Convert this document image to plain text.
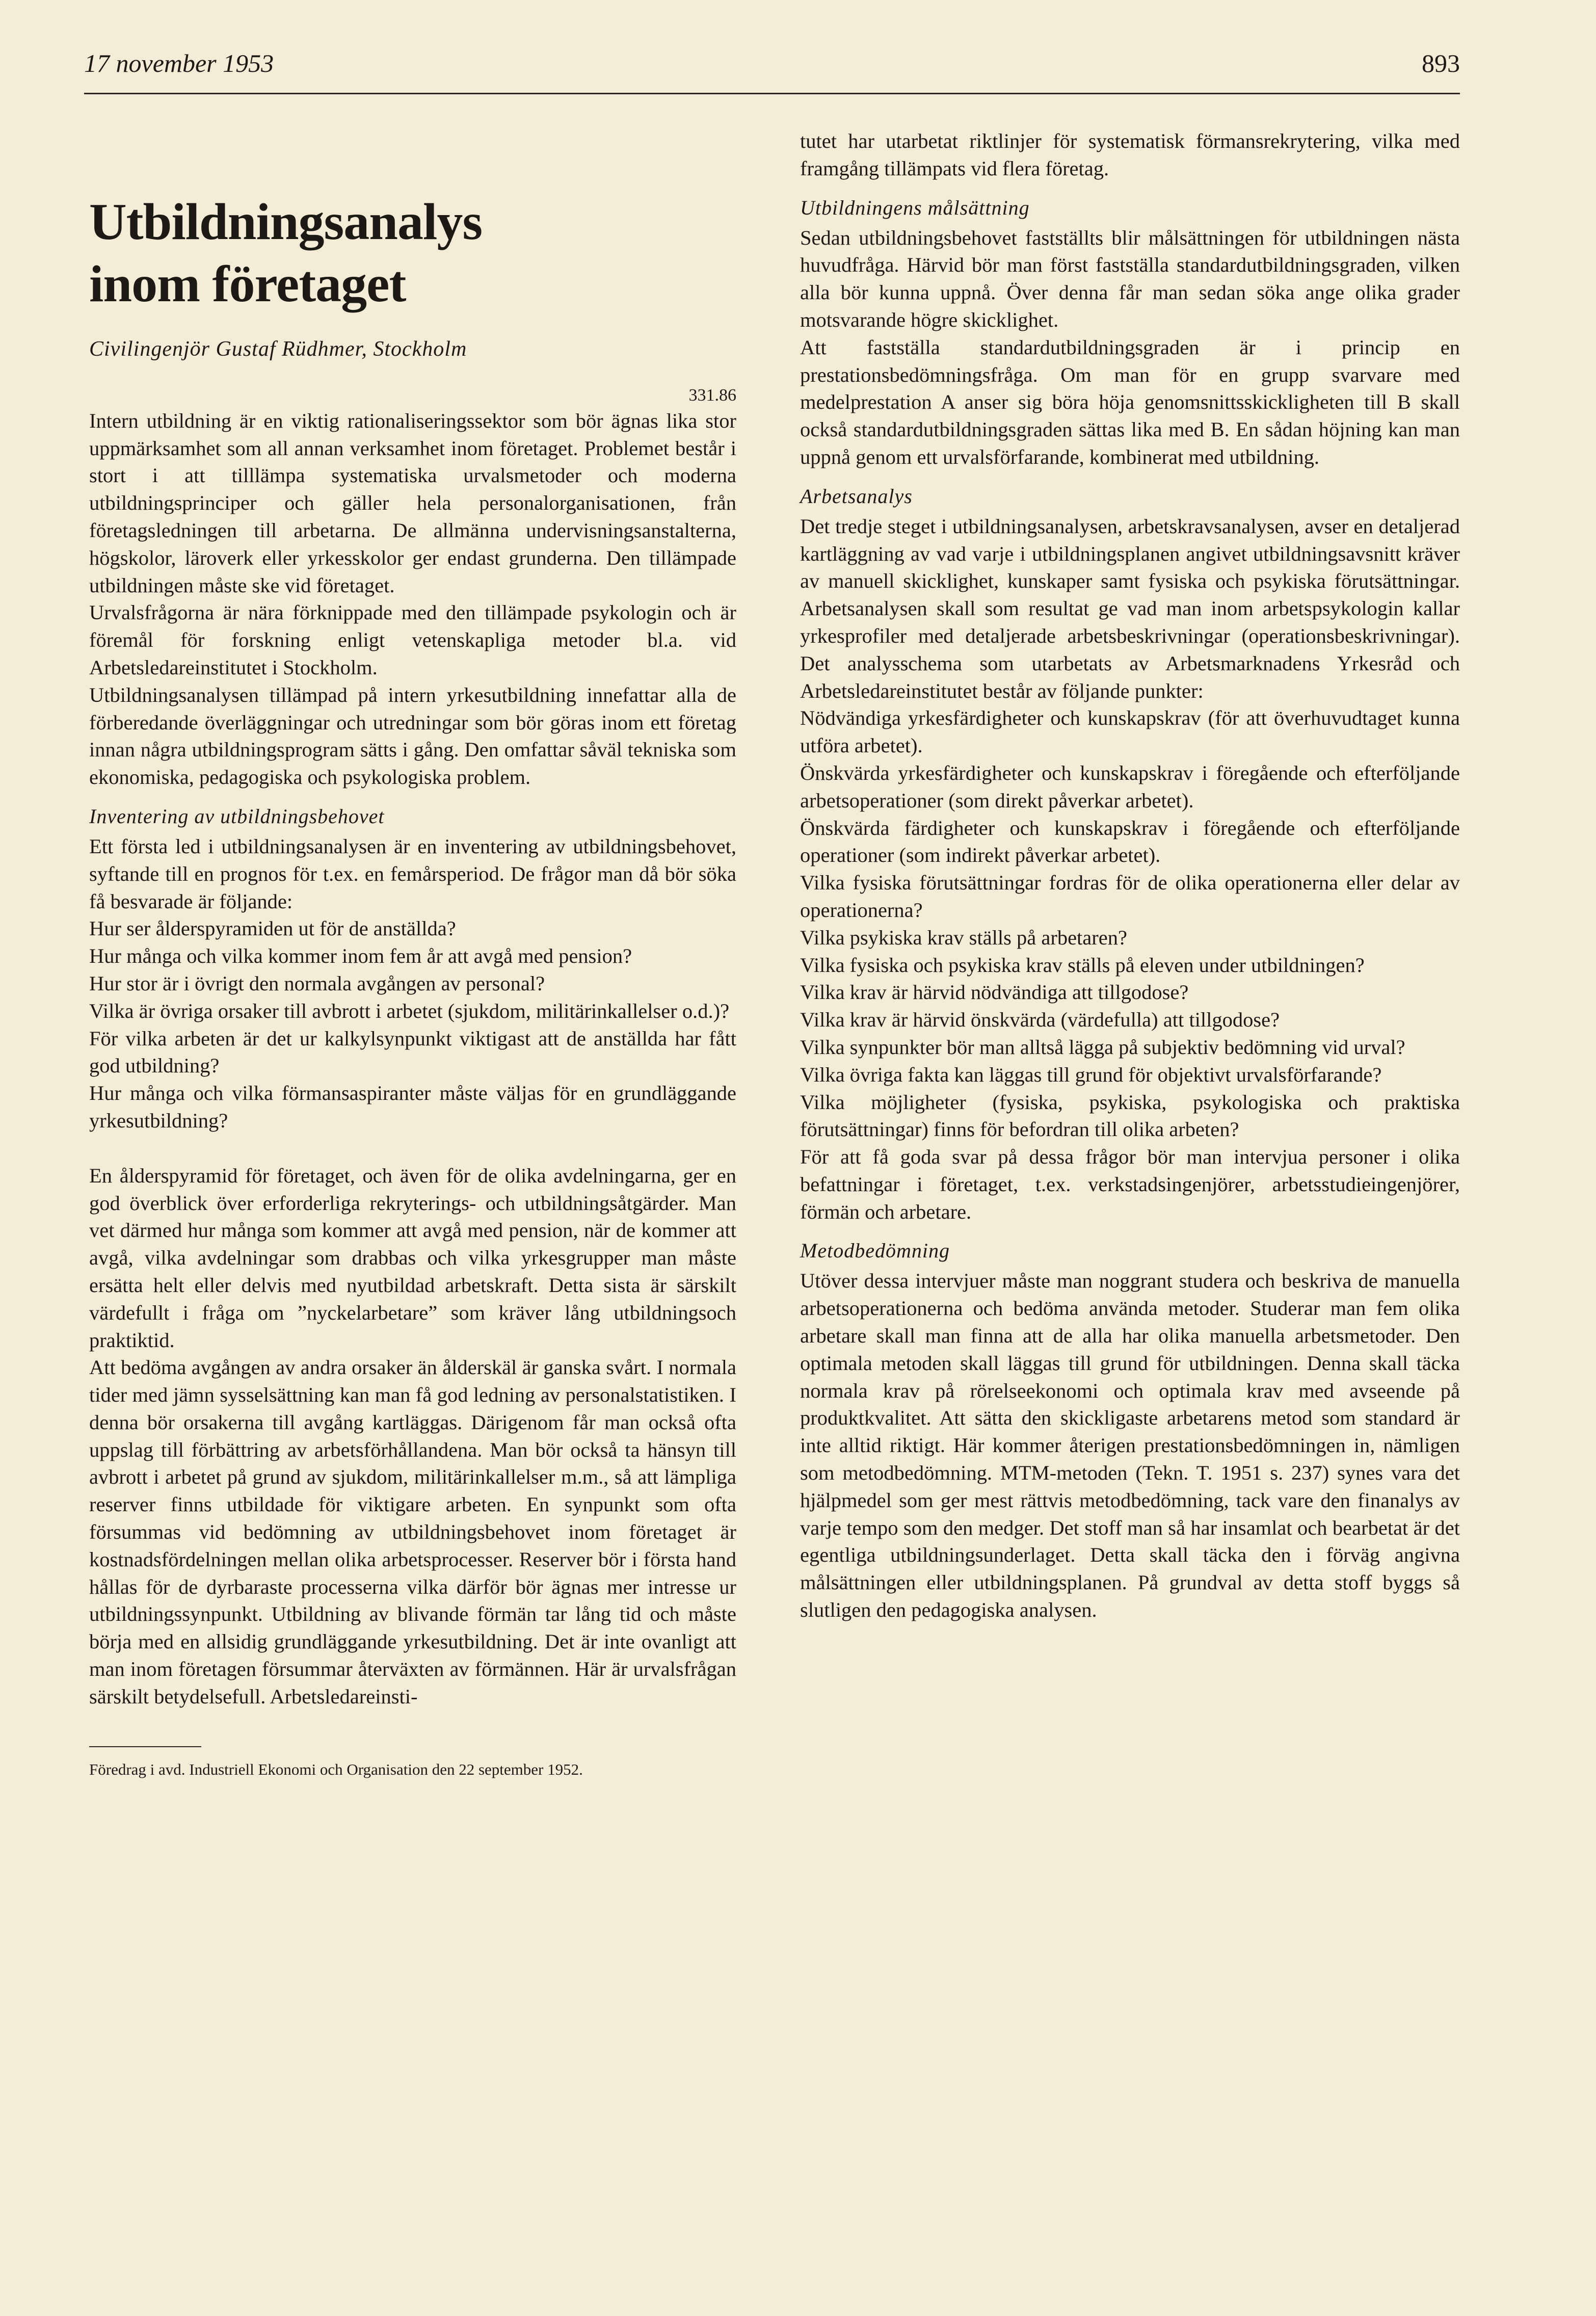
17 november 1953	893
Utbildningsanalys
inom företaget
Civilingenjör Gustaf Rüdhmer, Stockholm
331.86

Intern utbildning är en viktig rationaliseringssektor som bör ägnas lika stor uppmärksamhet som all annan verksamhet inom företaget. Problemet består i stort i att tilllämpa systematiska urvalsmetoder och moderna utbildningsprinciper och gäller hela personalorganisationen, från företagsledningen till arbetarna. De allmänna undervisningsanstalterna, högskolor, läroverk eller yrkesskolor ger endast grunderna. Den tillämpade utbildningen måste ske vid företaget.

Urvalsfrågorna är nära förknippade med den tillämpade psykologin och är föremål för forskning enligt vetenskapliga metoder bl.a. vid Arbetsledareinstitutet i Stockholm.

Utbildningsanalysen tillämpad på intern yrkesutbildning innefattar alla de förberedande överläggningar och utredningar som bör göras inom ett företag innan några utbildningsprogram sätts i gång. Den omfattar såväl tekniska som ekonomiska, pedagogiska och psykologiska problem.

Inventering av utbildningsbehovet

Ett första led i utbildningsanalysen är en inventering av utbildningsbehovet, syftande till en prognos för t.ex. en femårsperiod. De frågor man då bör söka få besvarade är följande:

Hur ser ålderspyramiden ut för de anställda?

Hur många och vilka kommer inom fem år att avgå med pension?

Hur stor är i övrigt den normala avgången av personal?

Vilka är övriga orsaker till avbrott i arbetet (sjukdom, militärinkallelser o.d.)?

För vilka arbeten är det ur kalkylsynpunkt viktigast att de anställda har fått god utbildning?

Hur många och vilka förmansaspiranter måste väljas för en grundläggande yrkesutbildning?

En ålderspyramid för företaget, och även för de olika avdelningarna, ger en god överblick över erforderliga rekryterings- och utbildningsåtgärder. Man vet därmed hur många som kommer att avgå med pension, när de kommer att avgå, vilka avdelningar som drabbas och vilka yrkesgrupper man måste ersätta helt eller delvis med nyutbildad arbetskraft. Detta sista är särskilt värdefullt i fråga om ”nyckelarbetare” som kräver lång utbildningsoch praktiktid.

Att bedöma avgången av andra orsaker än ålderskäl är ganska svårt. I normala tider med jämn sysselsättning kan man få god ledning av personalstatistiken. I denna bör orsakerna till avgång kartläggas. Därigenom får man också ofta uppslag till förbättring av arbetsförhållandena. Man bör också ta hänsyn till avbrott i arbetet på grund av sjukdom, militärinkallelser m.m., så att lämpliga reserver finns utbildade för viktigare arbeten. En synpunkt som ofta försummas vid bedömning av utbildningsbehovet inom företaget är kostnadsfördelningen mellan olika arbetsprocesser. Reserver bör i första hand hållas för de dyrbaraste processerna vilka därför bör ägnas mer intresse ur utbildningssynpunkt. Utbildning av blivande förmän tar lång tid och måste börja med en allsidig grundläggande yrkesutbildning. Det är inte ovanligt att man inom företagen försummar återväxten av förmännen. Här är urvalsfrågan särskilt betydelsefull. Arbetsledareinsti-

Föredrag i avd. Industriell Ekonomi och Organisation den 22 september 1952.

tutet har utarbetat riktlinjer för systematisk förmansrekrytering, vilka med framgång tillämpats vid flera företag.

Utbildningens målsättning

Sedan utbildningsbehovet fastställts blir målsättningen för utbildningen nästa huvudfråga. Härvid bör man först fastställa standardutbildningsgraden, vilken alla bör kunna uppnå. Över denna får man sedan söka ange olika grader motsvarande högre skicklighet.

Att fastställa standardutbildningsgraden är i princip en prestationsbedömningsfråga. Om man för en grupp svarvare med medelprestation A anser sig böra höja genomsnittsskickligheten till B skall också standardutbildningsgraden sättas lika med B. En sådan höjning kan man uppnå genom ett urvalsförfarande, kombinerat med utbildning.

Arbetsanalys

Det tredje steget i utbildningsanalysen, arbetskravsanalysen, avser en detaljerad kartläggning av vad varje i utbildningsplanen angivet utbildningsavsnitt kräver av manuell skicklighet, kunskaper samt fysiska och psykiska förutsättningar. Arbetsanalysen skall som resultat ge vad man inom arbetspsykologin kallar yrkesprofiler med detaljerade arbetsbeskrivningar (operationsbeskrivningar). Det analysschema som utarbetats av Arbetsmarknadens Yrkesråd och Arbetsledareinstitutet består av följande punkter:

Nödvändiga yrkesfärdigheter och kunskapskrav (för att överhuvudtaget kunna utföra arbetet).

Önskvärda yrkesfärdigheter och kunskapskrav i föregående och efterföljande arbetsoperationer (som direkt påverkar arbetet).

Önskvärda färdigheter och kunskapskrav i föregående och efterföljande operationer (som indirekt påverkar arbetet).

Vilka fysiska förutsättningar fordras för de olika operationerna eller delar av operationerna?

Vilka psykiska krav ställs på arbetaren?

Vilka fysiska och psykiska krav ställs på eleven under utbildningen?

Vilka krav är härvid nödvändiga att tillgodose?

Vilka krav är härvid önskvärda (värdefulla) att tillgodose?

Vilka synpunkter bör man alltså lägga på subjektiv bedömning vid urval?

Vilka övriga fakta kan läggas till grund för objektivt urvalsförfarande?

Vilka möjligheter (fysiska, psykiska, psykologiska och praktiska förutsättningar) finns för befordran till olika arbeten?

För att få goda svar på dessa frågor bör man intervjua personer i olika befattningar i företaget, t.ex. verkstadsingenjörer, arbetsstudieingenjörer, förmän och arbetare.

Metodbedömning

Utöver dessa intervjuer måste man noggrant studera och beskriva de manuella arbetsoperationerna och bedöma använda metoder. Studerar man fem olika arbetare skall man finna att de alla har olika manuella arbetsmetoder. Den optimala metoden skall läggas till grund för utbildningen. Denna skall täcka normala krav på rörelseekonomi och optimala krav med avseende på produktkvalitet. Att sätta den skickligaste arbetarens metod som standard är inte alltid riktigt. Här kommer återigen prestationsbedömningen in, nämligen som metodbedömning. MTM-metoden (Tekn. T. 1951 s. 237) synes vara det hjälpmedel som ger mest rättvis metodbedömning, tack vare den finanalys av varje tempo som den medger. Det stoff man så har insamlat och bearbetat är det egentliga utbildningsunderlaget. Detta skall täcka den i förväg angivna målsättningen eller utbildningsplanen. På grundval av detta stoff byggs så slutligen den pedagogiska analysen.
